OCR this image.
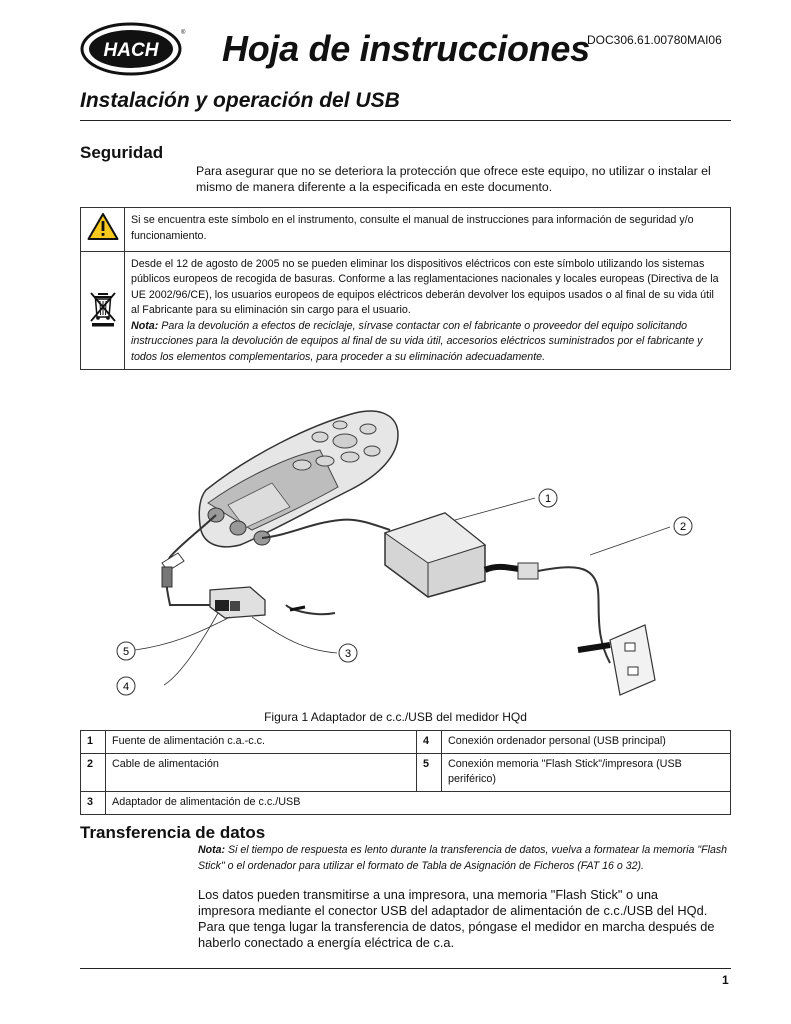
HACH
® Hoja de instrucciones
DOC306.61.00780MAI06
Instalación y operación del USB
Seguridad
Para asegurar que no se deteriora la protección que ofrece este equipo, no utilizar o instalar el mismo de manera diferente a la especificada en este documento.
	Si se encuentra este símbolo en el instrumento, consulte el manual de instrucciones para información de seguridad y/o funcionamiento.

Desde el 12 de agosto de 2005 no se pueden eliminar los dispositivos eléctricos con este símbolo utilizando los sistemas públicos europeos de recogida de basuras. Conforme a las reglamentaciones nacionales y locales europeas (Directiva de la UE 2002/96/CE), los usuarios europeos de equipos eléctricos deberán devolver los equipos usados o al final de su vida útil al Fabricante para su eliminación sin cargo para el usuario.
Nota: Para la devolución a efectos de reciclaje, sírvase contactar con el fabricante o proveedor del equipo solicitando instrucciones para la devolución de equipos al final de su vida útil, accesorios eléctricos suministrados por el fabricante y todos los elementos complementarios, para proceder a su eliminación adecuadamente.
1
2
3
4
5
Figura 1 Adaptador de c.c./USB del medidor HQd
1	Fuente de alimentación c.a.-c.c.	4	Conexión ordenador personal (USB principal)
2	Cable de alimentación	5	Conexión memoria "Flash Stick"/impresora (USB periférico)
3	Adaptador de alimentación de c.c./USB		
Transferencia de datos
Nota: Si el tiempo de respuesta es lento durante la transferencia de datos, vuelva a formatear la memoria "Flash Stick" o el ordenador para utilizar el formato de Tabla de Asignación de Ficheros (FAT 16 o 32).
Los datos pueden transmitirse a una impresora, una memoria "Flash Stick" o una impresora mediante el conector USB del adaptador de alimentación de c.c./USB del HQd. Para que tenga lugar la transferencia de datos, póngase el medidor en marcha después de haberlo conectado a energía eléctrica de c.a.
1
